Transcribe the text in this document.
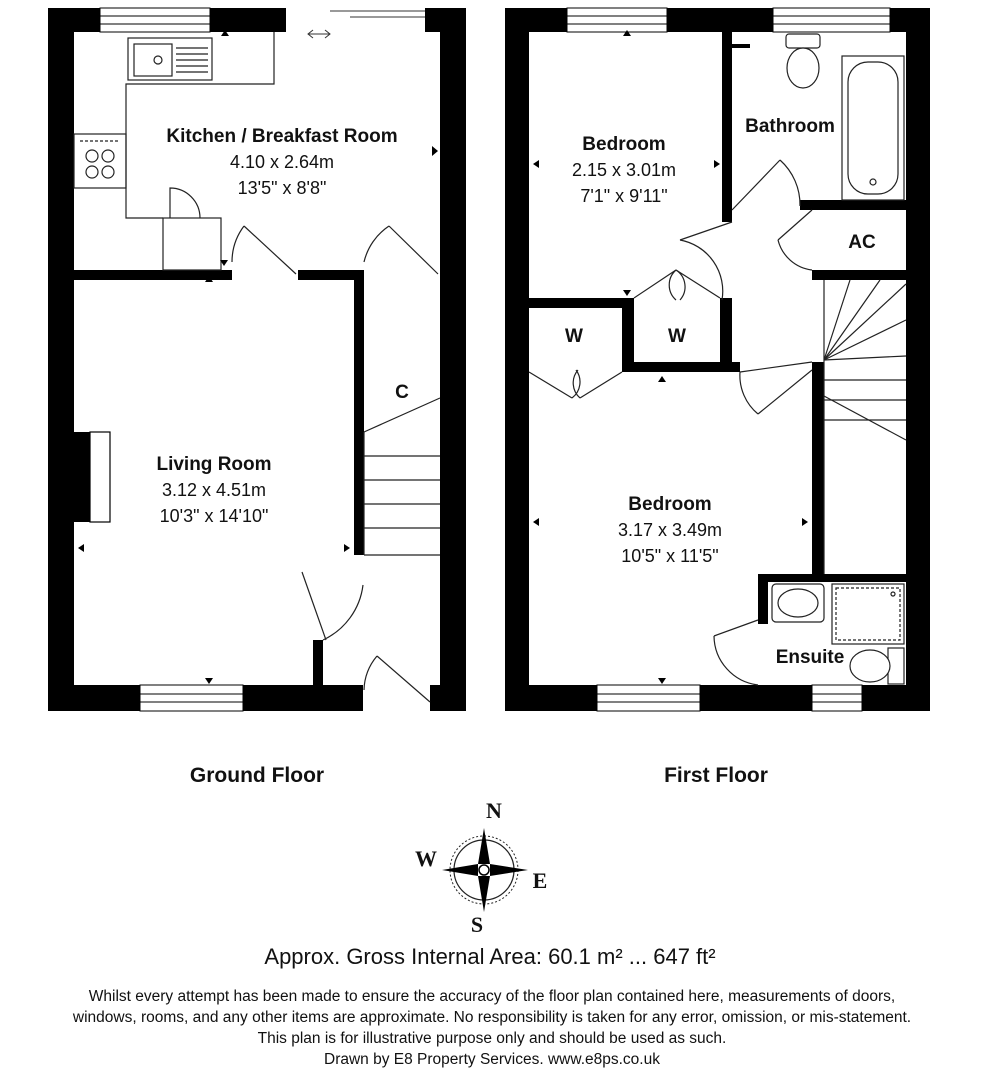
Kitchen / Breakfast Room
4.10 x 2.64m
13'5" x 8'8"
Living Room
3.12 x 4.51m
10'3" x 14'10"
C
Ground Floor
Bedroom
2.15 x 3.01m
7'1" x 9'11"
Bathroom
AC
W	W
Bedroom
3.17 x 3.49m
10'5" x 11'5"
Ensuite
First Floor
N
S
E
W
Approx. Gross Internal Area: 60.1 m² ... 647 ft²
Whilst every attempt has been made to ensure the accuracy of the floor plan contained here, measurements of doors,
windows, rooms, and any other items are approximate. No responsibility is taken for any error, omission, or mis-statement.
This plan is for illustrative purpose only and should be used as such.
Drawn by E8 Property Services. www.e8ps.co.uk
